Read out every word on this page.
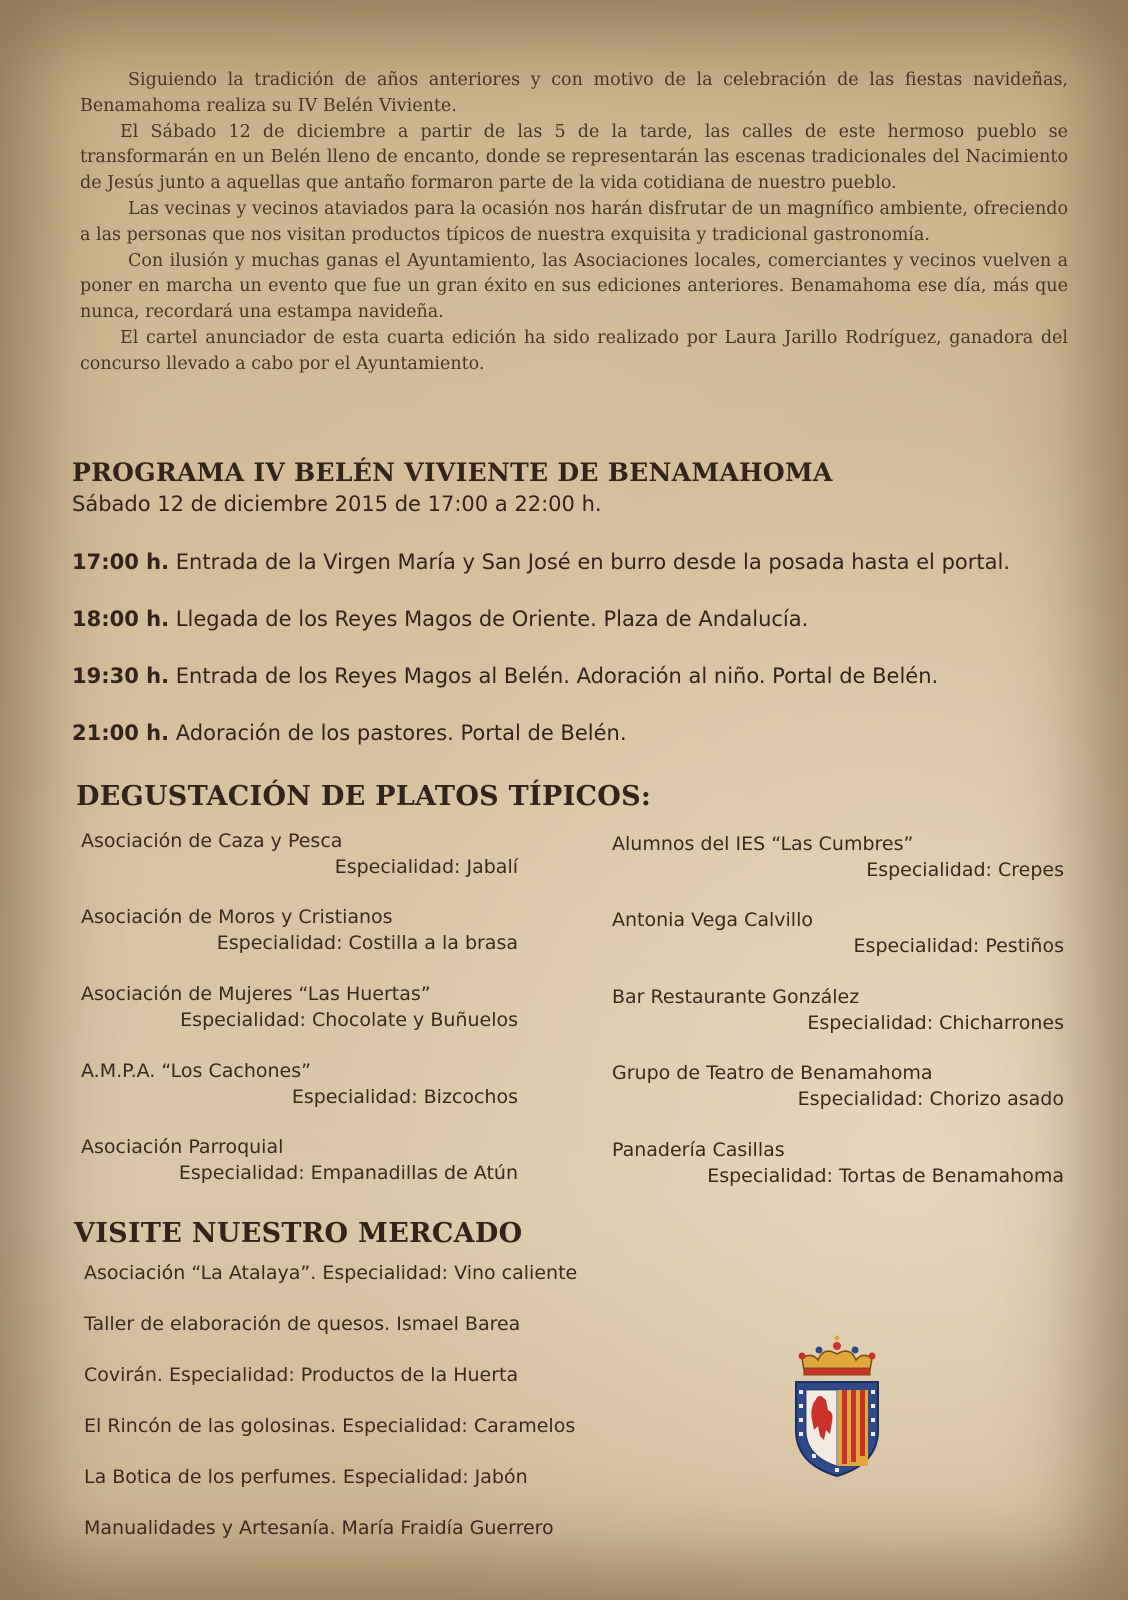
Siguiendo la tradición de años anteriores y con motivo de la celebración de las fiestas navideñas, Benamahoma realiza su IV Belén Viviente.

El Sábado 12 de diciembre a partir de las 5 de la tarde, las calles de este hermoso pueblo se transformarán en un Belén lleno de encanto, donde se representarán las escenas tradicionales del Nacimiento de Jesús junto a aquellas que antaño formaron parte de la vida cotidiana de nuestro pueblo.

Las vecinas y vecinos ataviados para la ocasión nos harán disfrutar de un magnífico ambiente, ofreciendo a las personas que nos visitan productos típicos de nuestra exquisita y tradicional gastronomía.

Con ilusión y muchas ganas el Ayuntamiento, las Asociaciones locales, comerciantes y vecinos vuelven a poner en marcha un evento que fue un gran éxito en sus ediciones anteriores. Benamahoma ese día, más que nunca, recordará una estampa navideña.

El cartel anunciador de esta cuarta edición ha sido realizado por Laura Jarillo Rodríguez, ganadora del concurso llevado a cabo por el Ayuntamiento.

PROGRAMA IV BELÉN VIVIENTE DE BENAMAHOMA
Sábado 12 de diciembre 2015 de 17:00 a 22:00 h.
17:00 h. Entrada de la Virgen María y San José en burro desde la posada hasta el portal.
18:00 h. Llegada de los Reyes Magos de Oriente. Plaza de Andalucía.
19:30 h. Entrada de los Reyes Magos al Belén. Adoración al niño. Portal de Belén.
21:00 h. Adoración de los pastores. Portal de Belén.
DEGUSTACIÓN DE PLATOS TÍPICOS:
Asociación de Caza y Pesca
Especialidad: Jabalí
Asociación de Moros y Cristianos
Especialidad: Costilla a la brasa
Asociación de Mujeres “Las Huertas”
Especialidad: Chocolate y Buñuelos
A.M.P.A. “Los Cachones”
Especialidad: Bizcochos
Asociación Parroquial
Especialidad: Empanadillas de Atún
Alumnos del IES “Las Cumbres”
Especialidad: Crepes
Antonia Vega Calvillo
Especialidad: Pestiños
Bar Restaurante González
Especialidad: Chicharrones
Grupo de Teatro de Benamahoma
Especialidad: Chorizo asado
Panadería Casillas
Especialidad: Tortas de Benamahoma
VISITE NUESTRO MERCADO
Asociación “La Atalaya”. Especialidad: Vino caliente
Taller de elaboración de quesos. Ismael Barea
Covirán. Especialidad: Productos de la Huerta
El Rincón de las golosinas. Especialidad: Caramelos
La Botica de los perfumes. Especialidad: Jabón
Manualidades y Artesanía. María Fraidía Guerrero
